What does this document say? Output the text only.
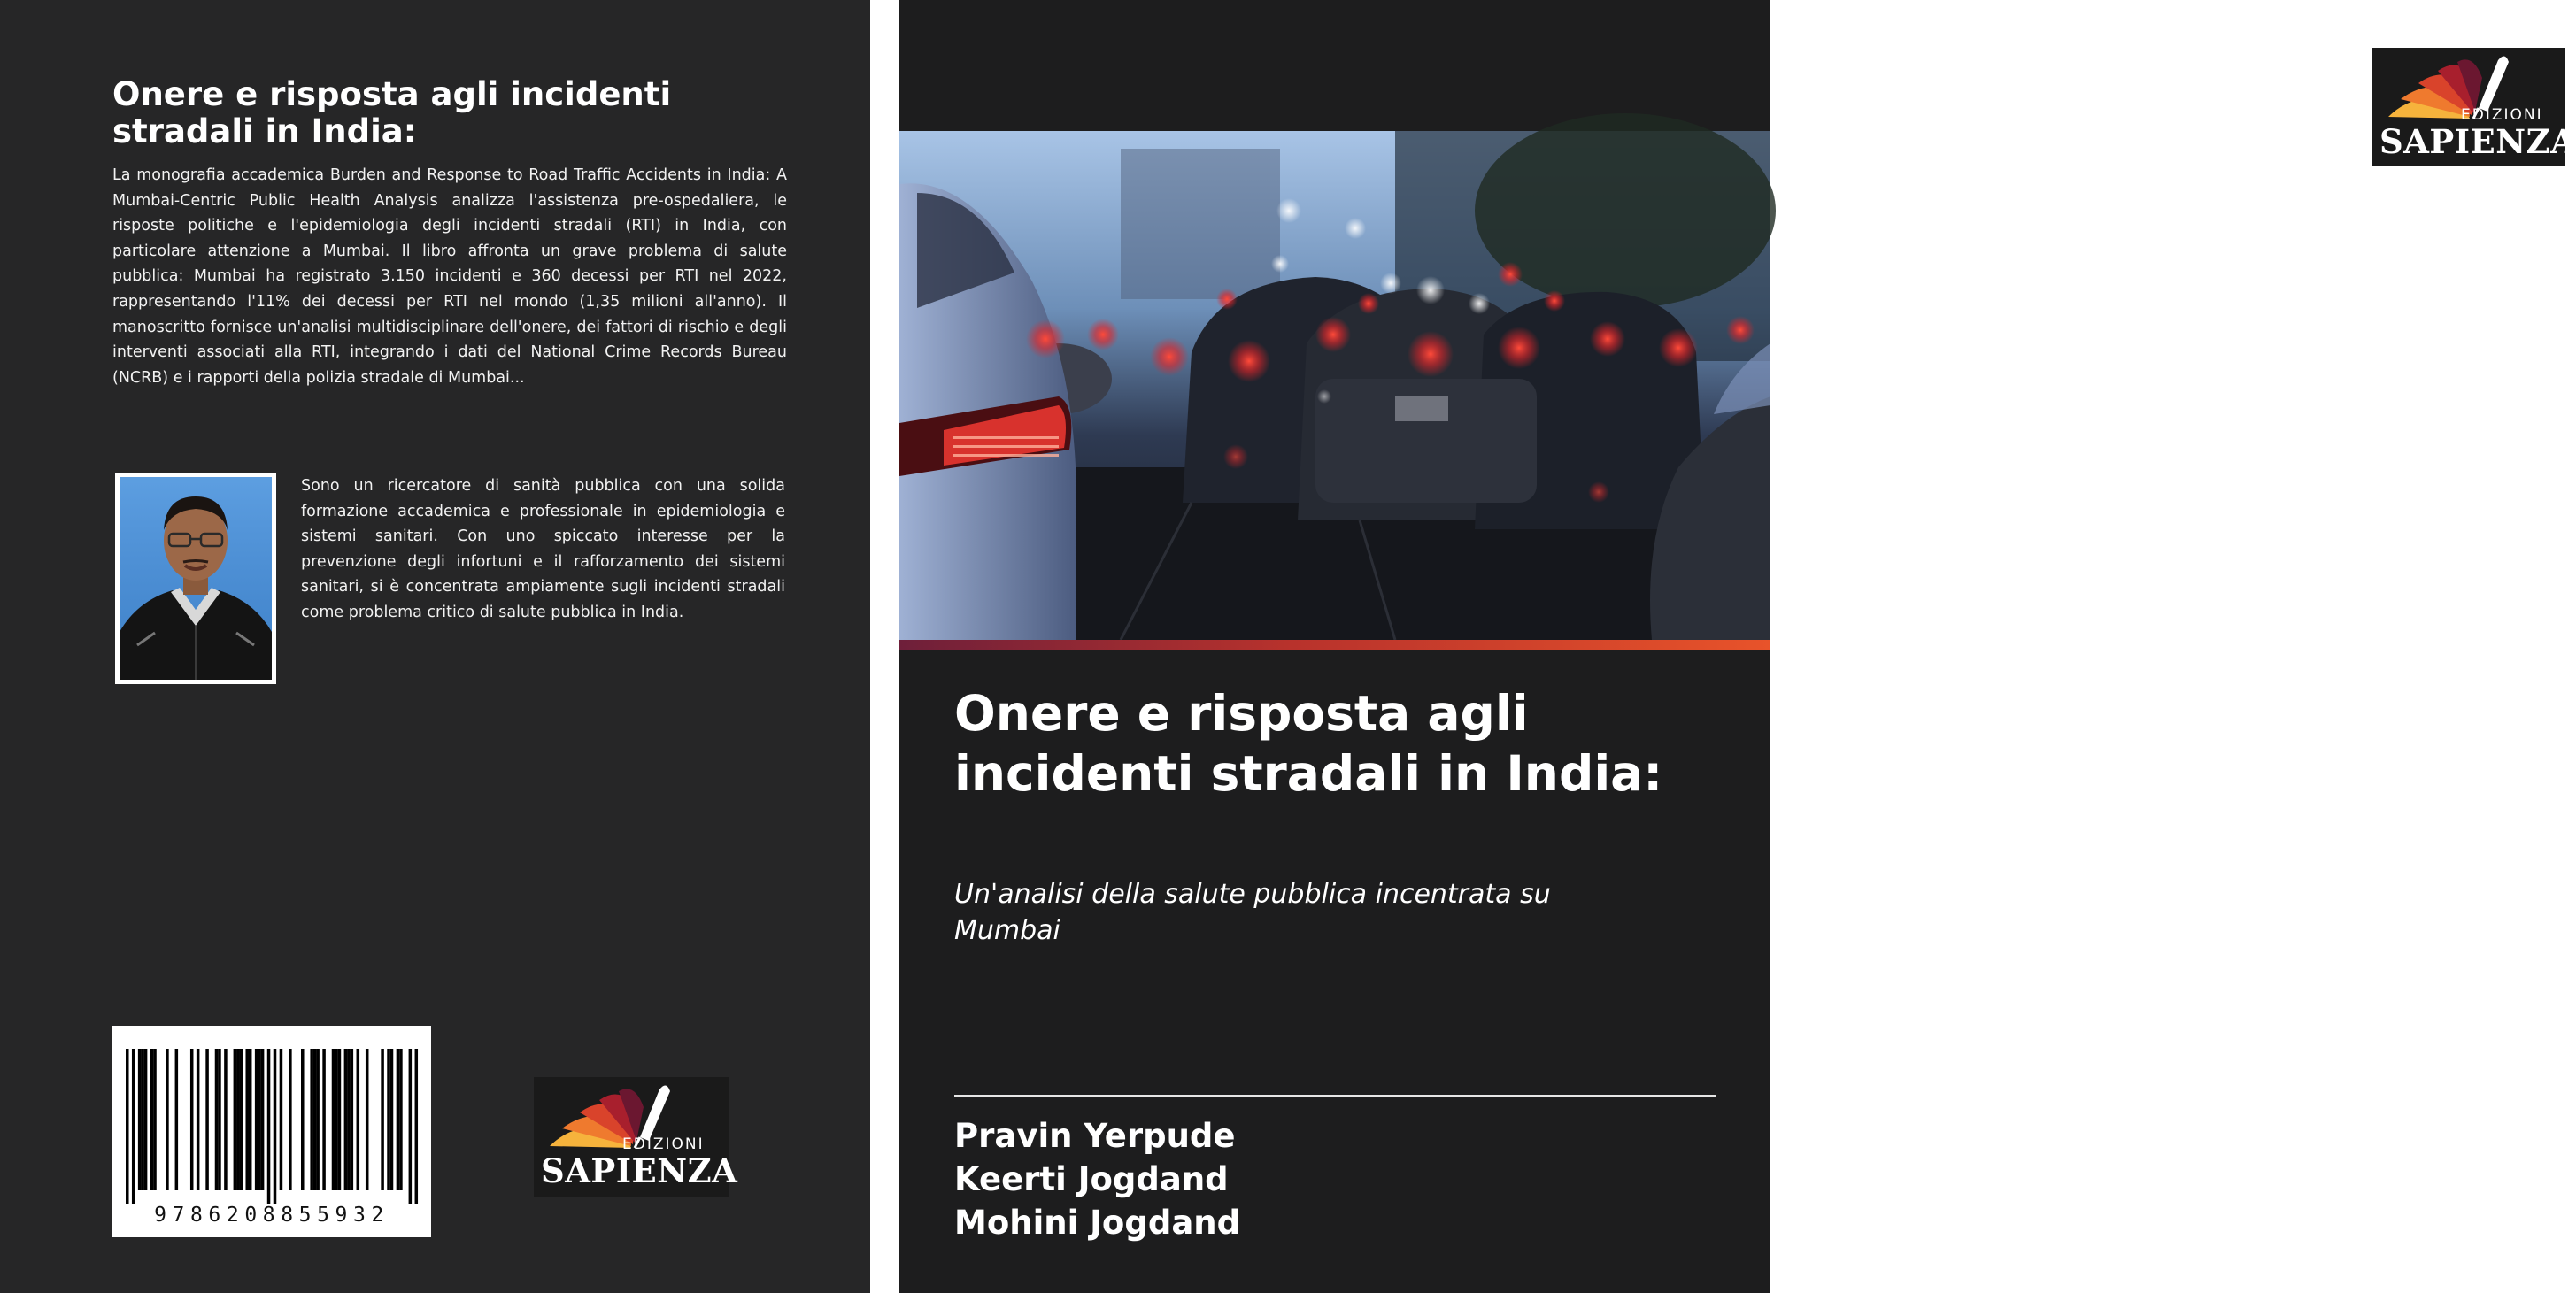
Onere e risposta agli incidenti stradali in India:

La monografia accademica Burden and Response to Road Traffic Accidents in India: A Mumbai-Centric Public Health Analysis analizza l'assistenza pre-ospedaliera, le risposte politiche e l'epidemiologia degli incidenti stradali (RTI) in India, con particolare attenzione a Mumbai. Il libro affronta un grave problema di salute pubblica: Mumbai ha registrato 3.150 incidenti e 360 decessi per RTI nel 2022, rappresentando l'11% dei decessi per RTI nel mondo (1,35 milioni all'anno). Il manoscritto fornisce un'analisi multidisciplinare dell'onere, dei fattori di rischio e degli interventi associati alla RTI, integrando i dati del National Crime Records Bureau (NCRB) e i rapporti della polizia stradale di Mumbai...

Sono un ricercatore di sanità pubblica con una solida formazione accademica e professionale in epidemiologia e sistemi sanitari. Con uno spiccato interesse per la prevenzione degli infortuni e il rafforzamento dei sistemi sanitari, si è concentrata ampiamente sugli incidenti stradali come problema critico di salute pubblica in India.

9786208855932
EDIZIONI
SAPIENZA
EDIZIONI
SAPIENZA
Onere e risposta agli incidenti stradali in India:

Un'analisi della salute pubblica incentrata su Mumbai

Pravin Yerpude
Keerti Jogdand
Mohini Jogdand
